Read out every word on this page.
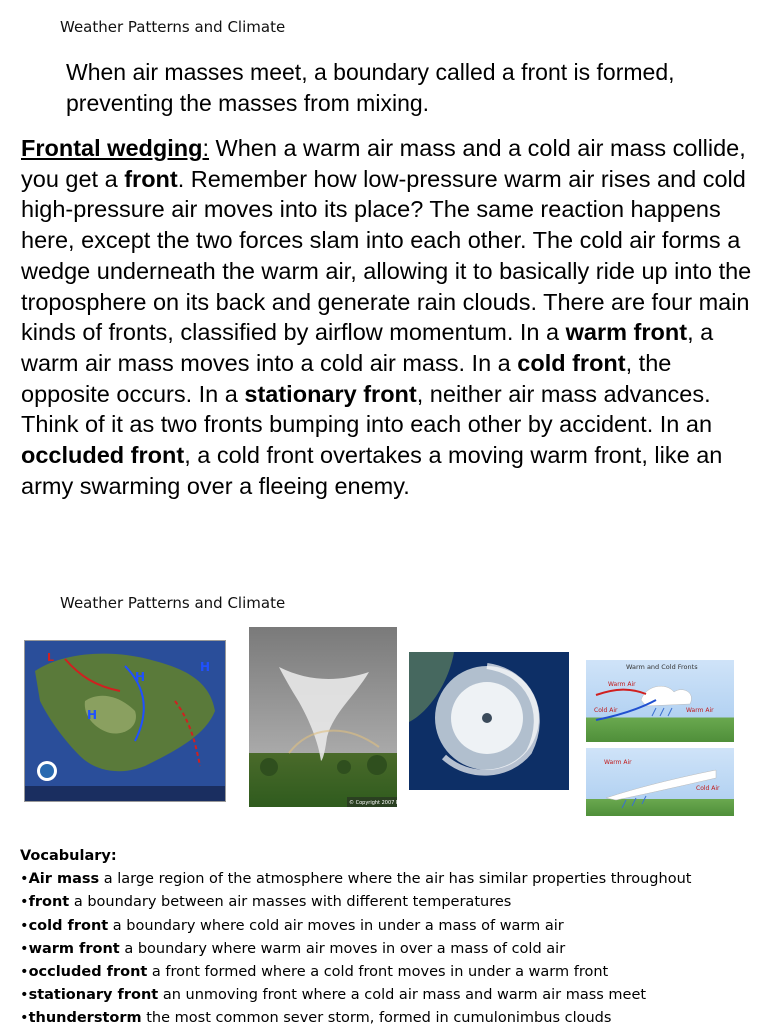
Weather Patterns and Climate

When air masses meet, a boundary called a front is formed, preventing the masses from mixing.

Frontal wedging: When a warm air mass and a cold air mass collide, you get a front. Remember how low-pressure warm air rises and cold high-pressure air moves into its place? The same reaction happens here, except the two forces slam into each other. The cold air forms a wedge underneath the warm air, allowing it to basically ride up into the troposphere on its back and generate rain clouds. There are four main kinds of fronts, classified by airflow momentum. In a warm front, a warm air mass moves into a cold air mass. In a cold front, the opposite occurs. In a stationary front, neither air mass advances. Think of it as two fronts bumping into each other by accident. In an occluded front, a cold front overtakes a moving warm front, like an army swarming over a fleeing enemy.

Weather Patterns and Climate
H
H
H
L
© Copyright 2007 RK Nguyen
Warm and Cold Fronts
Warm Air
Cold Air	Warm Air
Warm Air
Cold Air
Vocabulary:
•Air mass a large region of the atmosphere where the air has similar properties throughout
•front a boundary between air masses with different temperatures
•cold front a boundary where cold air moves in under a mass of warm air
•warm front a boundary where warm air moves in over a mass of cold air
•occluded front a front formed where a cold front moves in under a warm front
•stationary front an unmoving front where a cold air mass and warm air mass meet
•thunderstorm the most common sever storm, formed in cumulonimbus clouds
